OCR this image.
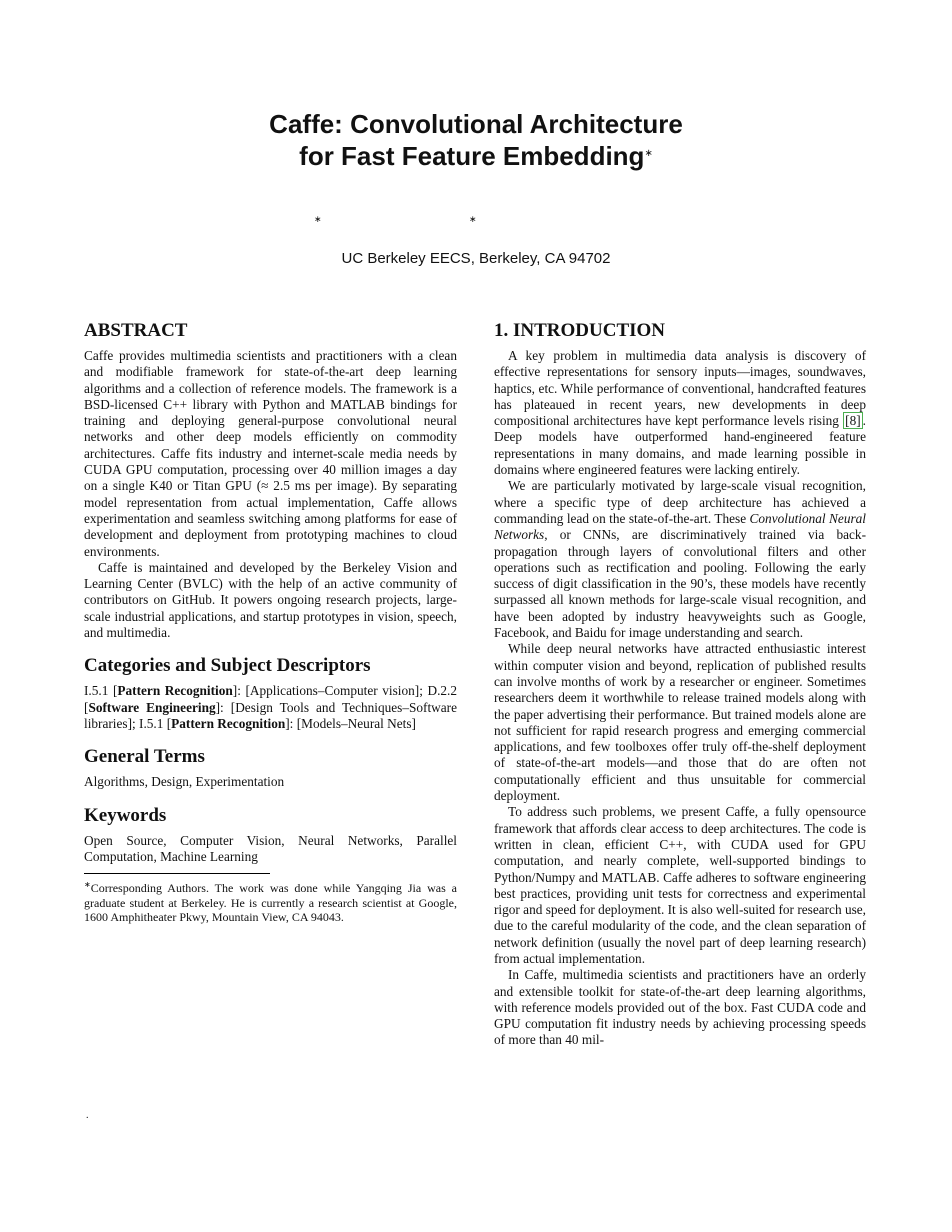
Caffe: Convolutional Architecture
for Fast Feature Embedding∗
∗	∗
UC Berkeley EECS, Berkeley, CA 94702
ABSTRACT

Caffe provides multimedia scientists and practitioners with a clean and modifiable framework for state-of-the-art deep learning algorithms and a collection of reference models. The framework is a BSD-licensed C++ library with Python and MATLAB bindings for training and deploying general-purpose convolutional neural networks and other deep models efficiently on commodity architectures. Caffe fits industry and internet-scale media needs by CUDA GPU computation, processing over 40 million images a day on a single K40 or Titan GPU (≈ 2.5 ms per image). By separating model representation from actual implementation, Caffe allows experimentation and seamless switching among platforms for ease of development and deployment from prototyping machines to cloud environments.

Caffe is maintained and developed by the Berkeley Vision and Learning Center (BVLC) with the help of an active community of contributors on GitHub. It powers ongoing research projects, large-scale industrial applications, and startup prototypes in vision, speech, and multimedia.

Categories and Subject Descriptors

I.5.1 [Pattern Recognition]: [Applications–Computer vision]; D.2.2 [Software Engineering]: [Design Tools and Techniques–Software libraries]; I.5.1 [Pattern Recognition]: [Models–Neural Nets]

General Terms

Algorithms, Design, Experimentation

Keywords

Open Source, Computer Vision, Neural Networks, Parallel Computation, Machine Learning

∗Corresponding Authors. The work was done while Yangqing Jia was a graduate student at Berkeley. He is currently a research scientist at Google, 1600 Amphitheater Pkwy, Mountain View, CA 94043.
1. INTRODUCTION

A key problem in multimedia data analysis is discovery of effective representations for sensory inputs—images, soundwaves, haptics, etc. While performance of conventional, handcrafted features has plateaued in recent years, new developments in deep compositional architectures have kept performance levels rising [8] . Deep models have outperformed hand-engineered feature representations in many domains, and made learning possible in domains where engineered features were lacking entirely.

We are particularly motivated by large-scale visual recognition, where a specific type of deep architecture has achieved a commanding lead on the state-of-the-art. These Convolutional Neural Networks, or CNNs, are discriminatively trained via back-propagation through layers of convolutional filters and other operations such as rectification and pooling. Following the early success of digit classification in the 90’s, these models have recently surpassed all known methods for large-scale visual recognition, and have been adopted by industry heavyweights such as Google, Facebook, and Baidu for image understanding and search.

While deep neural networks have attracted enthusiastic interest within computer vision and beyond, replication of published results can involve months of work by a researcher or engineer. Sometimes researchers deem it worthwhile to release trained models along with the paper advertising their performance. But trained models alone are not sufficient for rapid research progress and emerging commercial applications, and few toolboxes offer truly off-the-shelf deployment of state-of-the-art models—and those that do are often not computationally efficient and thus unsuitable for commercial deployment.

To address such problems, we present Caffe, a fully opensource framework that affords clear access to deep architectures. The code is written in clean, efficient C++, with CUDA used for GPU computation, and nearly complete, well-supported bindings to Python/Numpy and MATLAB. Caffe adheres to software engineering best practices, providing unit tests for correctness and experimental rigor and speed for deployment. It is also well-suited for research use, due to the careful modularity of the code, and the clean separation of network definition (usually the novel part of deep learning research) from actual implementation.

In Caffe, multimedia scientists and practitioners have an orderly and extensible toolkit for state-of-the-art deep learning algorithms, with reference models provided out of the box. Fast CUDA code and GPU computation fit industry needs by achieving processing speeds of more than 40 mil-

.
